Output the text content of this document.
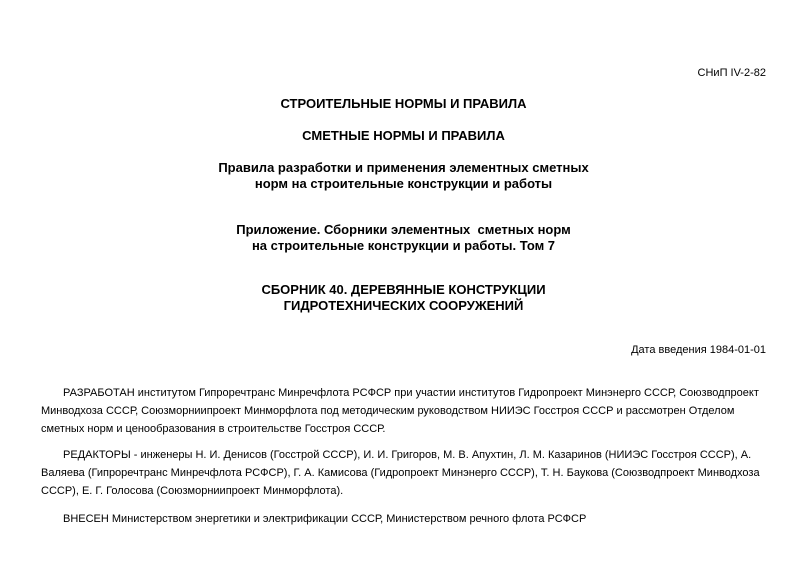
СНиП IV-2-82
СТРОИТЕЛЬНЫЕ НОРМЫ И ПРАВИЛА
СМЕТНЫЕ НОРМЫ И ПРАВИЛА
Правила разработки и применения элементных сметных
норм на строительные конструкции и работы
Приложение. Сборники элементных  сметных норм
на строительные конструкции и работы. Том 7
СБОРНИК 40. ДЕРЕВЯННЫЕ КОНСТРУКЦИИ
ГИДРОТЕХНИЧЕСКИХ СООРУЖЕНИЙ
Дата введения 1984-01-01
РАЗРАБОТАН институтом Гипроречтранс Минречфлота РСФСР при участии институтов Гидропроект Минэнерго СССР, Союзводпроект
Минводхоза СССР, Союзморниипроект Минморфлота под методическим руководством НИИЭС Госстроя СССР и рассмотрен Отделом
сметных норм и ценообразования в строительстве Госстроя СССР.
РЕДАКТОРЫ - инженеры Н. И. Денисов (Госстрой СССР), И. И. Григоров, М. В. Апухтин, Л. М. Казаринов (НИИЭС Госстроя СССР), А.
Валяева (Гипроречтранс Минречфлота РСФСР), Г. А. Камисова (Гидропроект Минэнерго СССР), Т. Н. Баукова (Союзводпроект Минводхоза
СССР), Е. Г. Голосова (Союзморниипроект Минморфлота).
ВНЕСЕН Министерством энергетики и электрификации СССР, Министерством речного флота РСФСР
